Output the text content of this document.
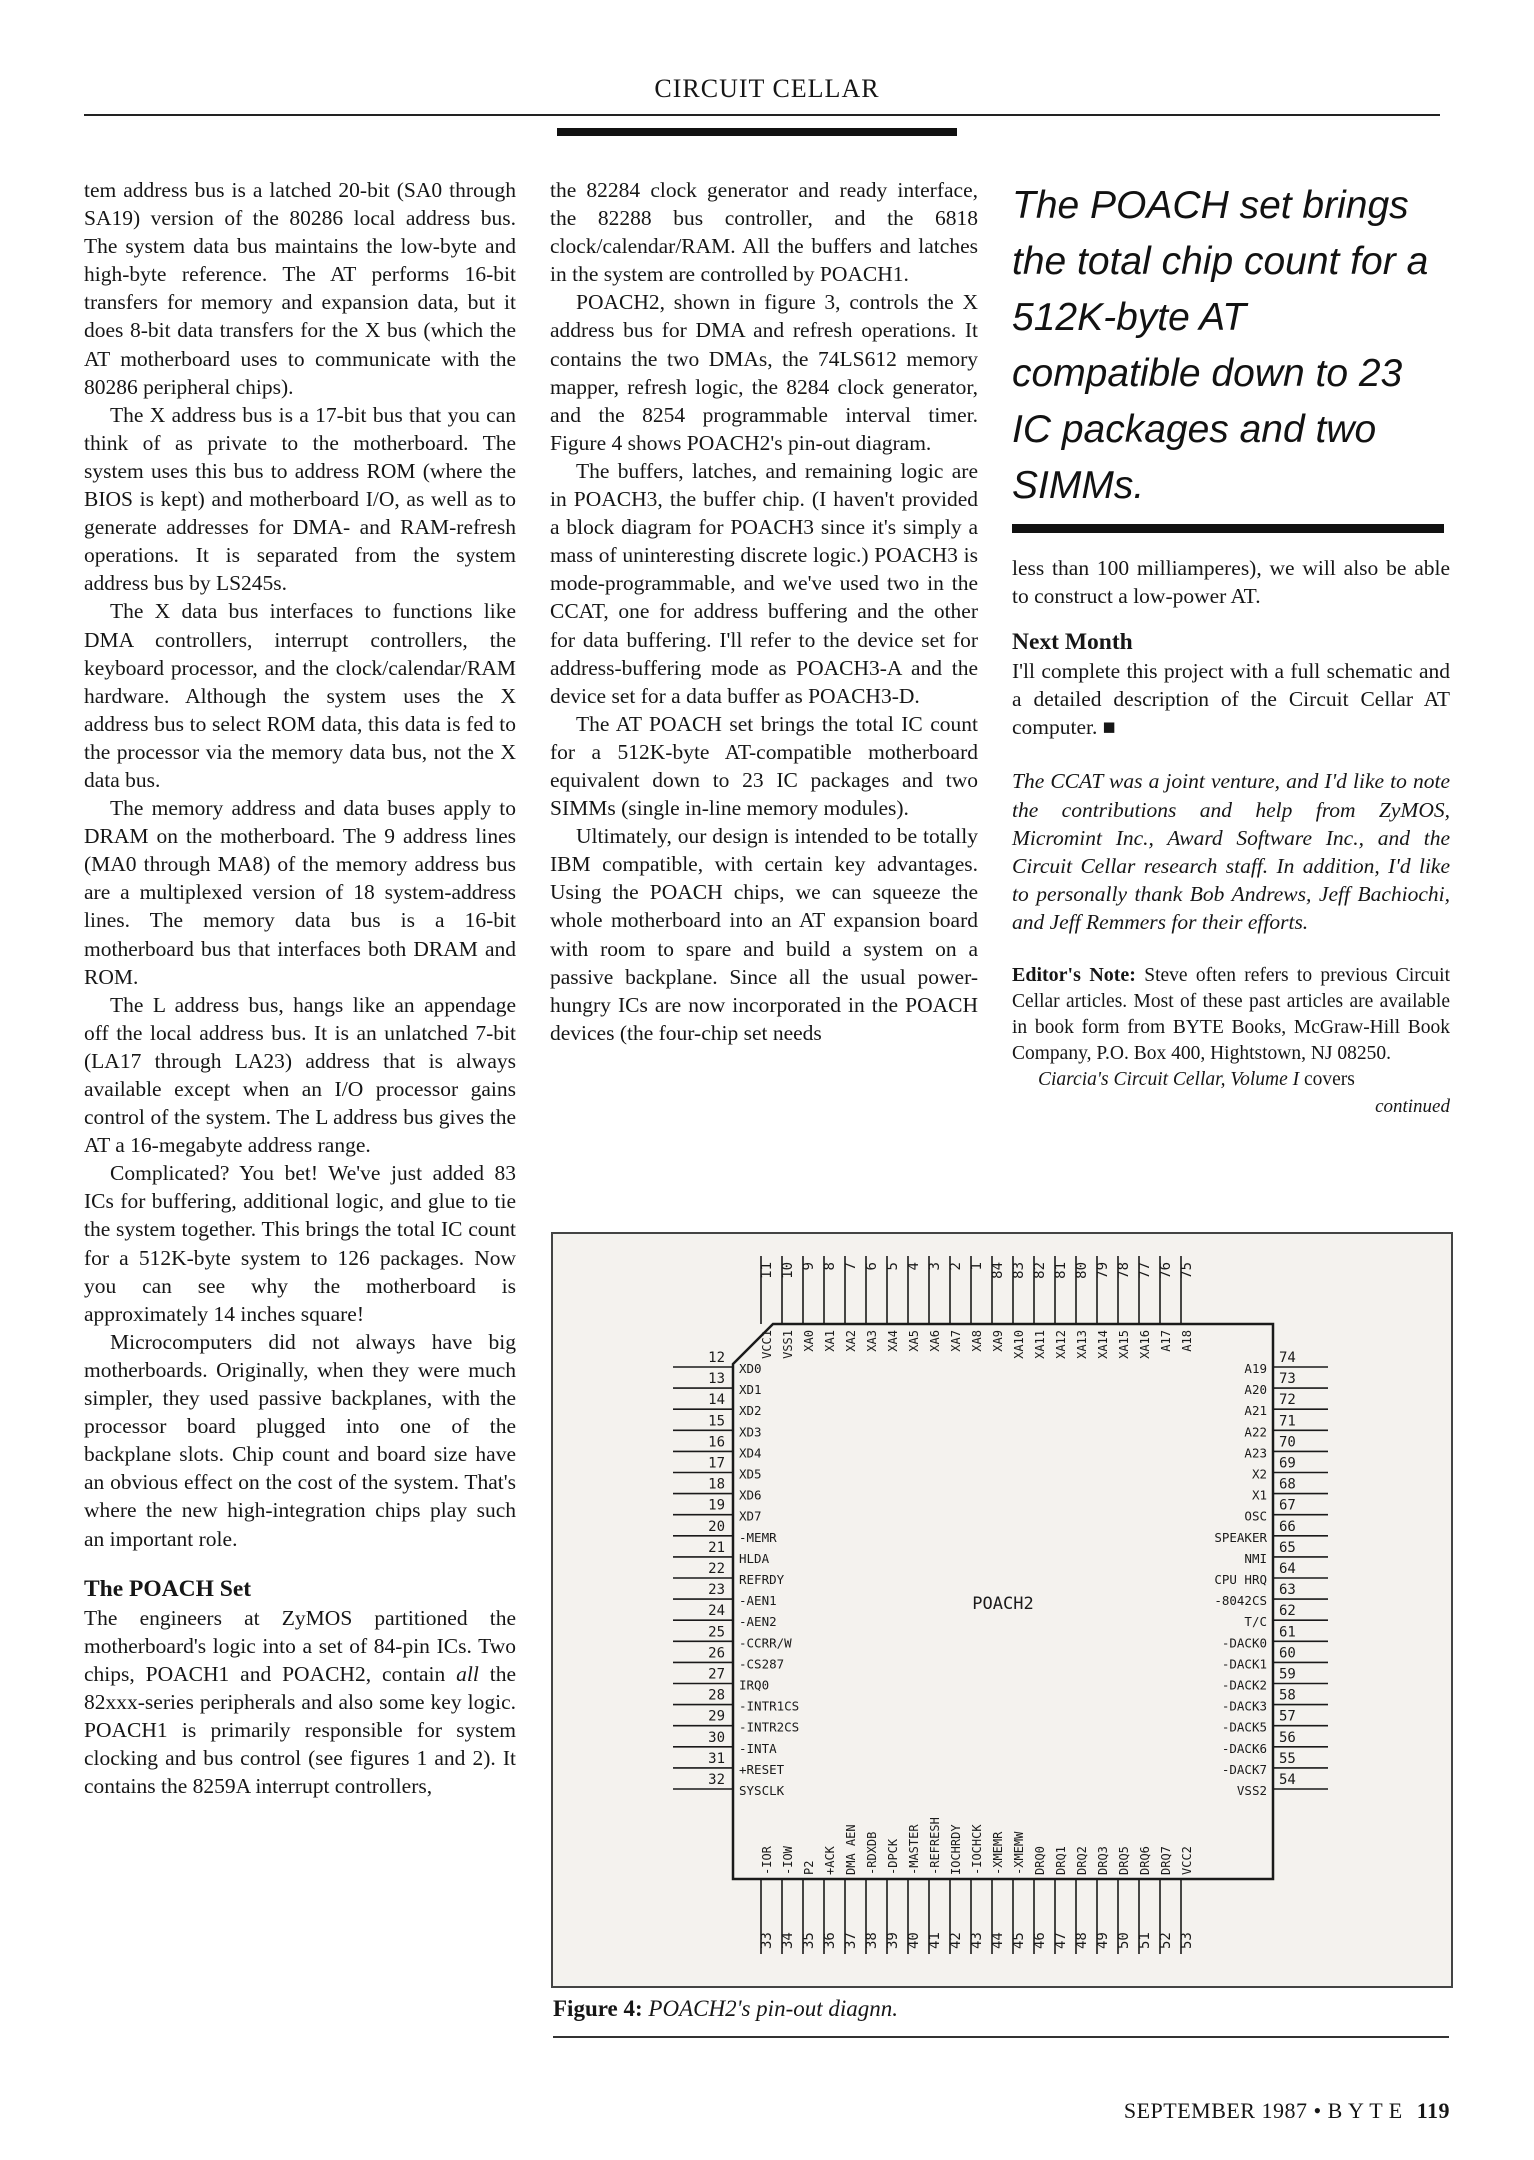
CIRCUIT CELLAR

tem address bus is a latched 20-bit (SA0 through SA19) version of the 80286 local address bus. The system data bus maintains the low-byte and high-byte reference. The AT performs 16-bit transfers for memory and expansion data, but it does 8-bit data transfers for the X bus (which the AT motherboard uses to communicate with the 80286 peripheral chips).

The X address bus is a 17-bit bus that you can think of as private to the motherboard. The system uses this bus to address ROM (where the BIOS is kept) and motherboard I/O, as well as to generate addresses for DMA- and RAM-refresh operations. It is separated from the system address bus by LS245s.

The X data bus interfaces to functions like DMA controllers, interrupt controllers, the keyboard processor, and the clock/calendar/RAM hardware. Although the system uses the X address bus to select ROM data, this data is fed to the processor via the memory data bus, not the X data bus.

The memory address and data buses apply to DRAM on the motherboard. The 9 address lines (MA0 through MA8) of the memory address bus are a multiplexed version of 18 system-address lines. The memory data bus is a 16-bit motherboard bus that interfaces both DRAM and ROM.

The L address bus, hangs like an appendage off the local address bus. It is an unlatched 7-bit (LA17 through LA23) address that is always available except when an I/O processor gains control of the system. The L address bus gives the AT a 16-megabyte address range.

Complicated? You bet! We've just added 83 ICs for buffering, additional logic, and glue to tie the system together. This brings the total IC count for a 512K-byte system to 126 packages. Now you can see why the motherboard is approximately 14 inches square!

Microcomputers did not always have big motherboards. Originally, when they were much simpler, they used passive backplanes, with the processor board plugged into one of the backplane slots. Chip count and board size have an obvious effect on the cost of the system. That's where the new high-integration chips play such an important role.

The POACH Set

The engineers at ZyMOS partitioned the motherboard's logic into a set of 84-pin ICs. Two chips, POACH1 and POACH2, contain all the 82xxx-series peripherals and also some key logic. POACH1 is primarily responsible for system clocking and bus control (see figures 1 and 2). It contains the 8259A interrupt controllers,

the 82284 clock generator and ready interface, the 82288 bus controller, and the 6818 clock/calendar/RAM. All the buffers and latches in the system are controlled by POACH1.

POACH2, shown in figure 3, controls the X address bus for DMA and refresh operations. It contains the two DMAs, the 74LS612 memory mapper, refresh logic, the 8284 clock generator, and the 8254 programmable interval timer. Figure 4 shows POACH2's pin-out diagram.

The buffers, latches, and remaining logic are in POACH3, the buffer chip. (I haven't provided a block diagram for POACH3 since it's simply a mass of uninteresting discrete logic.) POACH3 is mode-programmable, and we've used two in the CCAT, one for address buffering and the other for data buffering. I'll refer to the device set for address-buffering mode as POACH3-A and the device set for a data buffer as POACH3-D.

The AT POACH set brings the total IC count for a 512K-byte AT-compatible motherboard equivalent down to 23 IC packages and two SIMMs (single in-line memory modules).

Ultimately, our design is intended to be totally IBM compatible, with certain key advantages. Using the POACH chips, we can squeeze the whole motherboard into an AT expansion board with room to spare and build a system on a passive backplane. Since all the usual power-hungry ICs are now incorporated in the POACH devices (the four-chip set needs

The POACH set brings the total chip count for a 512K-byte AT compatible down to 23 IC packages and two SIMMs.

less than 100 milliamperes), we will also be able to construct a low-power AT.

Next Month

I'll complete this project with a full schematic and a detailed description of the Circuit Cellar AT computer. ■

The CCAT was a joint venture, and I'd like to note the contributions and help from ZyMOS, Micromint Inc., Award Software Inc., and the Circuit Cellar research staff. In addition, I'd like to personally thank Bob Andrews, Jeff Bachiochi, and Jeff Remmers for their efforts.

Editor's Note: Steve often refers to previous Circuit Cellar articles. Most of these past articles are available in book form from BYTE Books, McGraw-Hill Book Company, P.O. Box 400, Hightstown, NJ 08250.

Ciarcia's Circuit Cellar, Volume I covers

continued
POACH2
11
VCC1
10
VSS1
9
XA0
8
XA1
7
XA2
6
XA3
5
XA4
4
XA5
3
XA6
2
XA7
1
XA8
84
XA9
83
XA10
82
XA11
81
XA12
80
XA13
79
XA14
78
XA15
77
XA16
76
A17
75
A18
-IOR
33
-IOW
34
P2
35
+ACK
36
DMA AEN
37
-RDXDB
38
-DPCK
39
-MASTER
40
-REFRESH
41
IOCHRDY
42
-IOCHCK
43
-XMEMR
44
-XMEMW
45
DRQ0
46
DRQ1
47
DRQ2
48
DRQ3
49
DRQ5
50
DRQ6
51
DRQ7
52
VCC2
53
12
XD0
13
XD1
14
XD2
15
XD3
16
XD4
17
XD5
18
XD6
19
XD7
20
-MEMR
21
HLDA
22
REFRDY
23
-AEN1
24
-AEN2
25
-CCRR/W
26
-CS287
27
IRQ0
28
-INTR1CS
29
-INTR2CS
30
-INTA
31
+RESET
32
SYSCLK
74
A19
73
A20
72
A21
71
A22
70
A23
69
X2
68
X1
67
OSC
66
SPEAKER
65
NMI
64
CPU HRQ
63
-8042CS
62
T/C
61
-DACK0
60
-DACK1
59
-DACK2
58
-DACK3
57
-DACK5
56
-DACK6
55
-DACK7
54
VSS2
Figure 4: POACH2's pin-out diagnn.
SEPTEMBER 1987 • B Y T E 119
